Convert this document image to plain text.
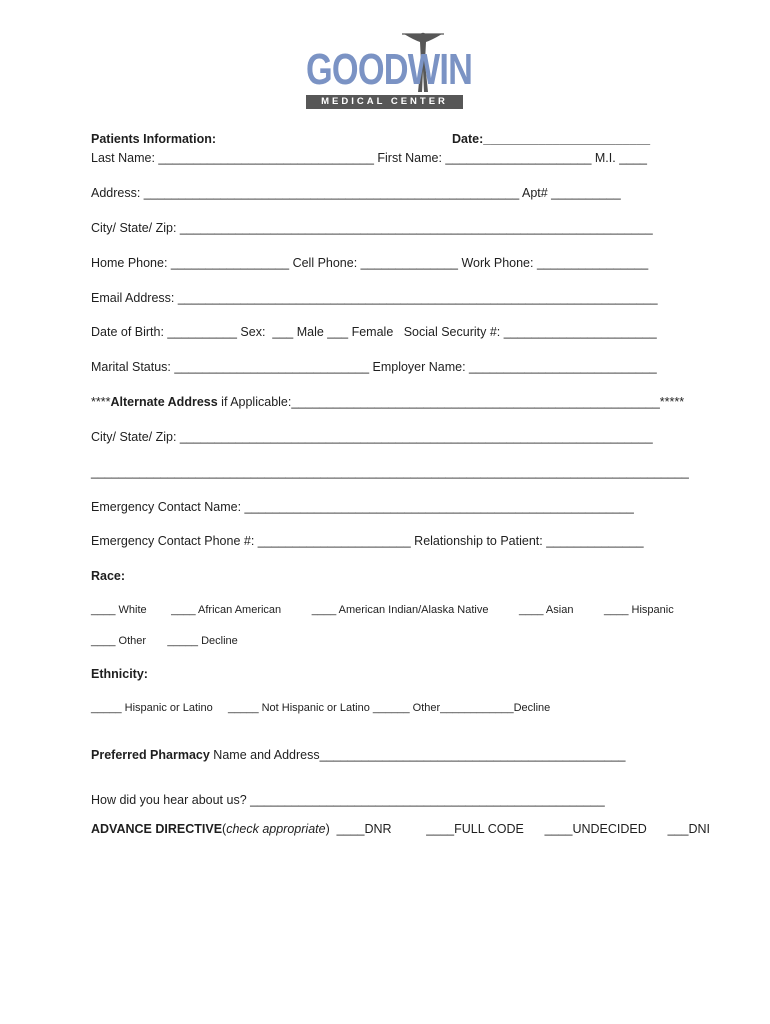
GOODWIN
MEDICAL CENTER
Patients Information:	Date:________________________
Last Name: _______________________________ First Name: _____________________ M.I. ____
Address: ______________________________________________________ Apt# __________
City/ State/ Zip: ____________________________________________________________________
Home Phone: _________________ Cell Phone: ______________ Work Phone: ________________
Email Address: _____________________________________________________________________
Date of Birth: __________ Sex:  ___ Male ___ Female   Social Security #: ______________________
Marital Status: ____________________________ Employer Name: ___________________________
****Alternate Address if Applicable:_____________________________________________________*****
City/ State/ Zip: ____________________________________________________________________
______________________________________________________________________________________
Emergency Contact Name: ________________________________________________________
Emergency Contact Phone #: ______________________ Relationship to Patient: ______________
Race:
____ White        ____ African American          ____ American Indian/Alaska Native          ____ Asian          ____ Hispanic
____ Other       _____ Decline
Ethnicity:
_____ Hispanic or Latino     _____ Not Hispanic or Latino ______ Other____________Decline
Preferred Pharmacy Name and Address____________________________________________
How did you hear about us? ___________________________________________________
ADVANCE DIRECTIVE(check appropriate)  ____DNR          ____FULL CODE      ____UNDECIDED      ___DNI
